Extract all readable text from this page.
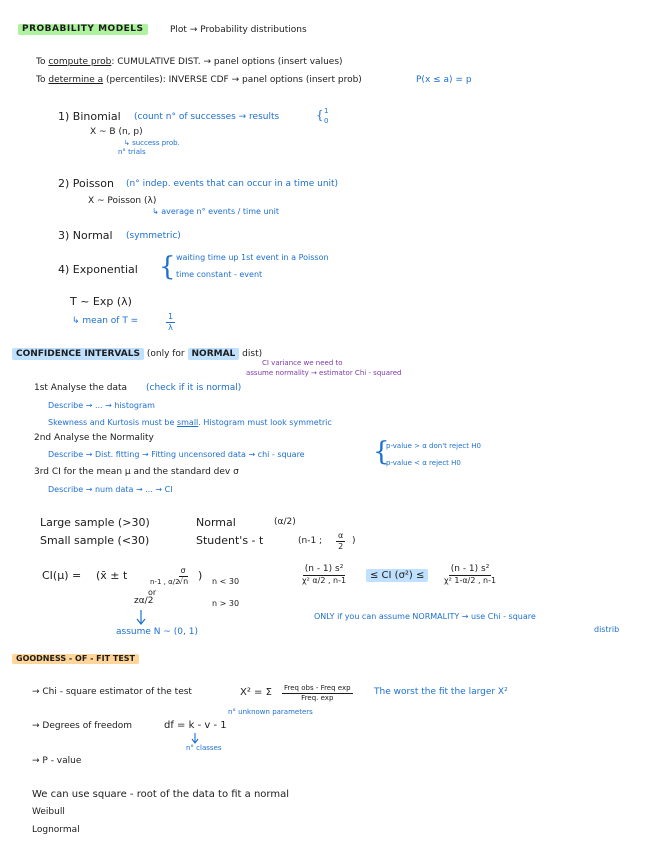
PROBABILITY MODELS	Plot → Probability distributions
To compute prob: CUMULATIVE DIST. → panel options (insert values)
To determine a (percentiles): INVERSE CDF → panel options (insert prob)	P(x ≤ a) = p
1) Binomial (count n° of successes → results	{ 1
0
X ~ B (n, p)
↳ success prob.
n° trials
2) Poisson (n° indep. events that can occur in a time unit)
X ~ Poisson (λ)
↳ average n° events / time unit
3) Normal (symmetric)
4) Exponential { waiting time up 1st event in a Poisson
time constant - event
T ~ Exp (λ)
↳ mean of T =	$\frac{1}{\lambda}$
CONFIDENCE INTERVALS (only for NORMAL dist)
CI variance we need to
assume normality → estimator Chi - squared
1st Analyse the data (check if it is normal)
Describe → ... → histogram
Skewness and Kurtosis must be small. Histogram must look symmetric
2nd Analyse the Normality
Describe → Dist. fitting → Fitting uncensored data → chi - square	{
p-value > α don't reject H0
p-value < α reject H0
3rd CI for the mean μ and the standard dev σ
Describe → num data → ... → CI
Large sample (>30)	Normal	(α/2)
Small sample (<30)	Student's - t	(n-1 ; $\frac{\alpha}{2}$ )
CI(μ) = (x̄ ± t	n-1 , α/2
$\frac{\sigma}{√n}$ )
or
zα/2
n < 30
n > 30
assume N ~ (0, 1)
$\frac{\text{(n - 1) s²}}{\text{χ² α/2 , n-1}}$	≤ CI (σ²) ≤	$\frac{\text{(n - 1) s²}}{\text{χ² 1-α/2 , n-1}}$
ONLY if you can assume NORMALITY → use Chi - square
distrib
GOODNESS - OF - FIT TEST
→ Chi - square estimator of the test	X² = Σ Freq obs - Freq exp
Freq. exp
The worst the fit the larger X²
n° unknown parameters
→ Degrees of freedom	df = k - v - 1
n° classes
→ P - value
We can use square - root of the data to fit a normal
Weibull
Lognormal
